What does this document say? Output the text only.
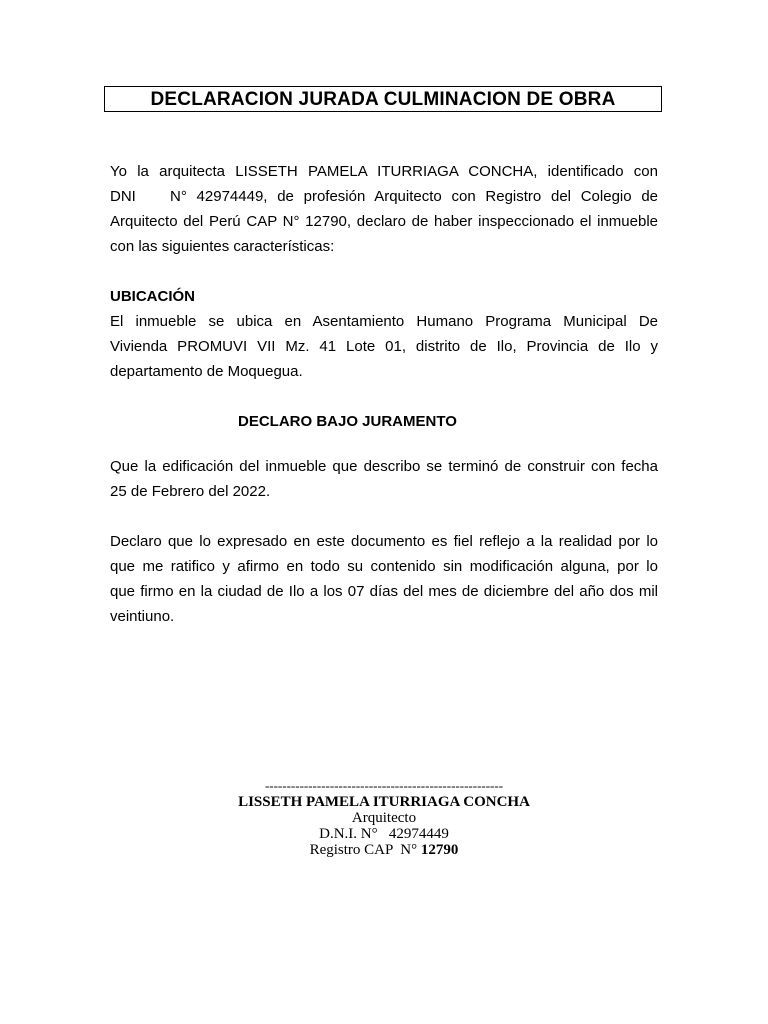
DECLARACION JURADA CULMINACION DE OBRA
Yo la arquitecta LISSETH PAMELA ITURRIAGA CONCHA, identificado con
DNI	N° 42974449, de profesión Arquitecto con Registro del Colegio de
Arquitecto del Perú CAP N° 12790, declaro de haber inspeccionado el inmueble
con las siguientes características:
UBICACIÓN
El inmueble se ubica en Asentamiento Humano Programa Municipal De
Vivienda PROMUVI VII Mz. 41 Lote 01, distrito de Ilo, Provincia de Ilo y
departamento de Moquegua.
DECLARO BAJO JURAMENTO
Que la edificación del inmueble que describo se terminó de construir con fecha
25 de Febrero del 2022.
Declaro que lo expresado en este documento es fiel reflejo a la realidad por lo
que me ratifico y afirmo en todo su contenido sin modificación alguna, por lo
que firmo en la ciudad de Ilo a los 07 días del mes de diciembre del año dos mil
veintiuno.
-------------------------------------------------------
LISSETH PAMELA ITURRIAGA CONCHA
Arquitecto
D.N.I. N°   42974449
Registro CAP  N° 12790
